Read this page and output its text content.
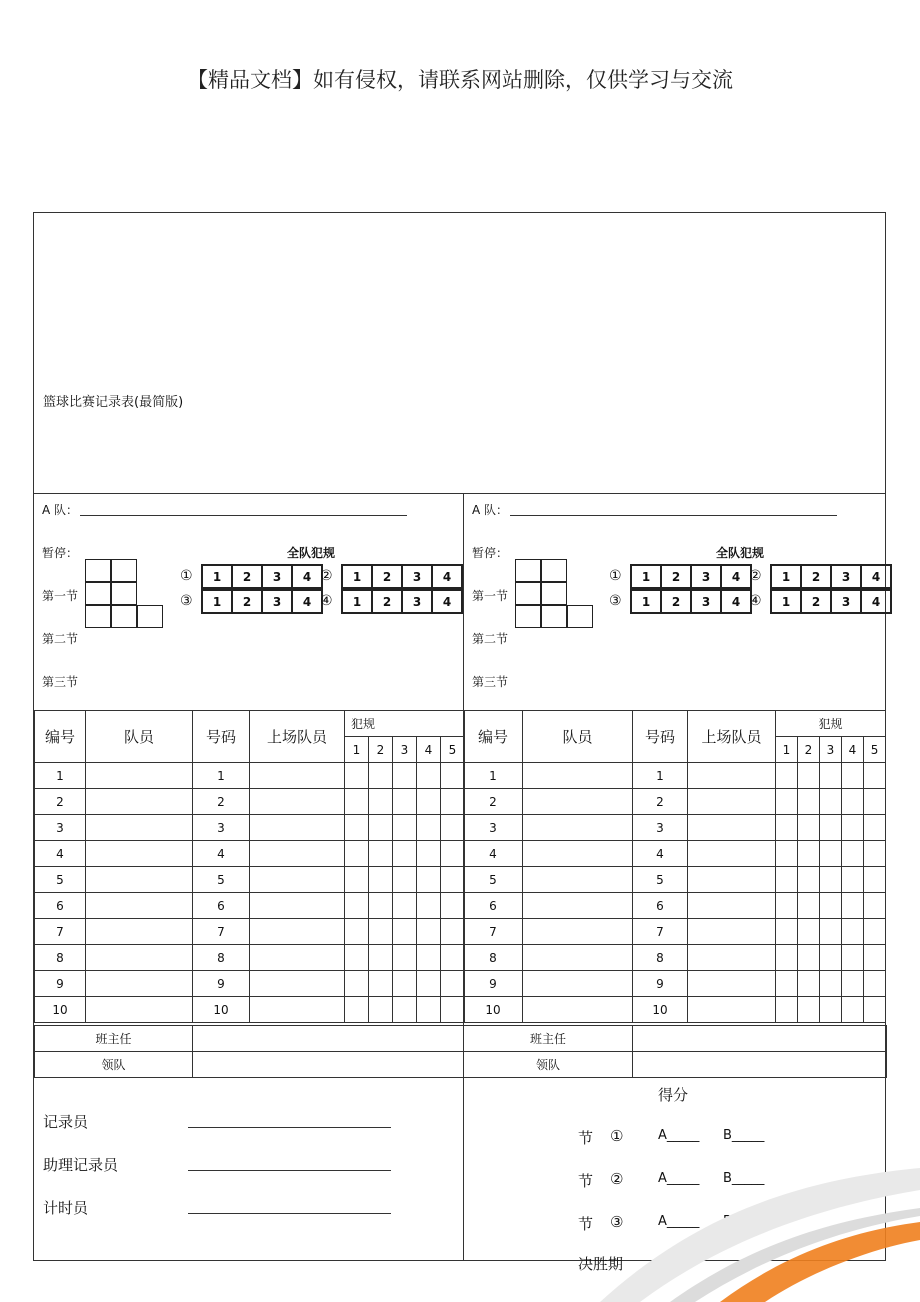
【精品文档】如有侵权，请联系网站删除，仅供学习与交流
篮球比赛记录表(最简版)
A 队：
暂停：	全队犯规
第一节
第二节
第三节
①	1	2	3	4 ②	1	2	3	4
③	1	2	3	4 ④	1	2	3	4
A 队：
暂停：	全队犯规
第一节
第二节
第三节
①	1	2	3	4 ②	1	2	3	4
③	1	2	3	4 ④	1	2	3	4
编号	队员	号码	上场队员	犯规				
				1	2	3	4	5
1		1						
2		2						
3		3						
4		4						
5		5						
6		6						
7		7						
8		8						
9		9						
10		10						
编号	队员	号码	上场队员	犯规				
				1	2	3	4	5
1		1						
2		2						
3		3						
4		4						
5		5						
6		6						
7		7						
8		8						
9		9						
10		10						
班主任		班主任	
领队		领队	
记录员
助理记录员
计时员
得分
节 ①	A_____ B_____
节 ②	A_____ B_____
节 ③	A_____
决胜期
